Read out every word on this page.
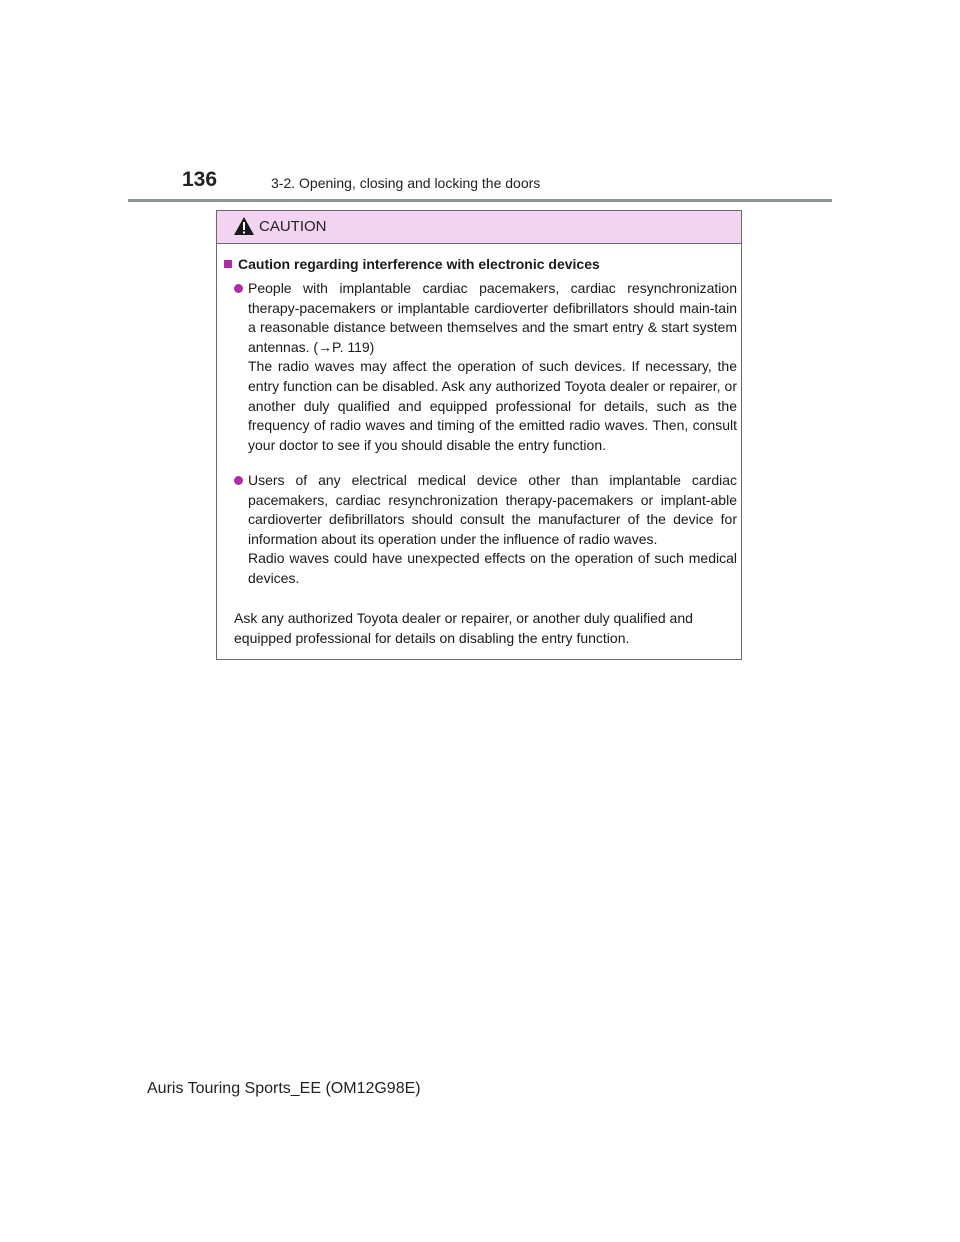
136	3-2. Opening, closing and locking the doors
CAUTION
Caution regarding interference with electronic devices

People with implantable cardiac pacemakers, cardiac resynchronization therapy-pacemakers or implantable cardioverter defibrillators should main-tain a reasonable distance between themselves and the smart entry & start system antennas. (→P. 119)

The radio waves may affect the operation of such devices. If necessary, the entry function can be disabled. Ask any authorized Toyota dealer or repairer, or another duly qualified and equipped professional for details, such as the frequency of radio waves and timing of the emitted radio waves. Then, consult your doctor to see if you should disable the entry function.

Users of any electrical medical device other than implantable cardiac pacemakers, cardiac resynchronization therapy-pacemakers or implant-able cardioverter defibrillators should consult the manufacturer of the device for information about its operation under the influence of radio waves.

Radio waves could have unexpected effects on the operation of such medical devices.

Ask any authorized Toyota dealer or repairer, or another duly qualified and equipped professional for details on disabling the entry function.
Auris Touring Sports_EE (OM12G98E)
